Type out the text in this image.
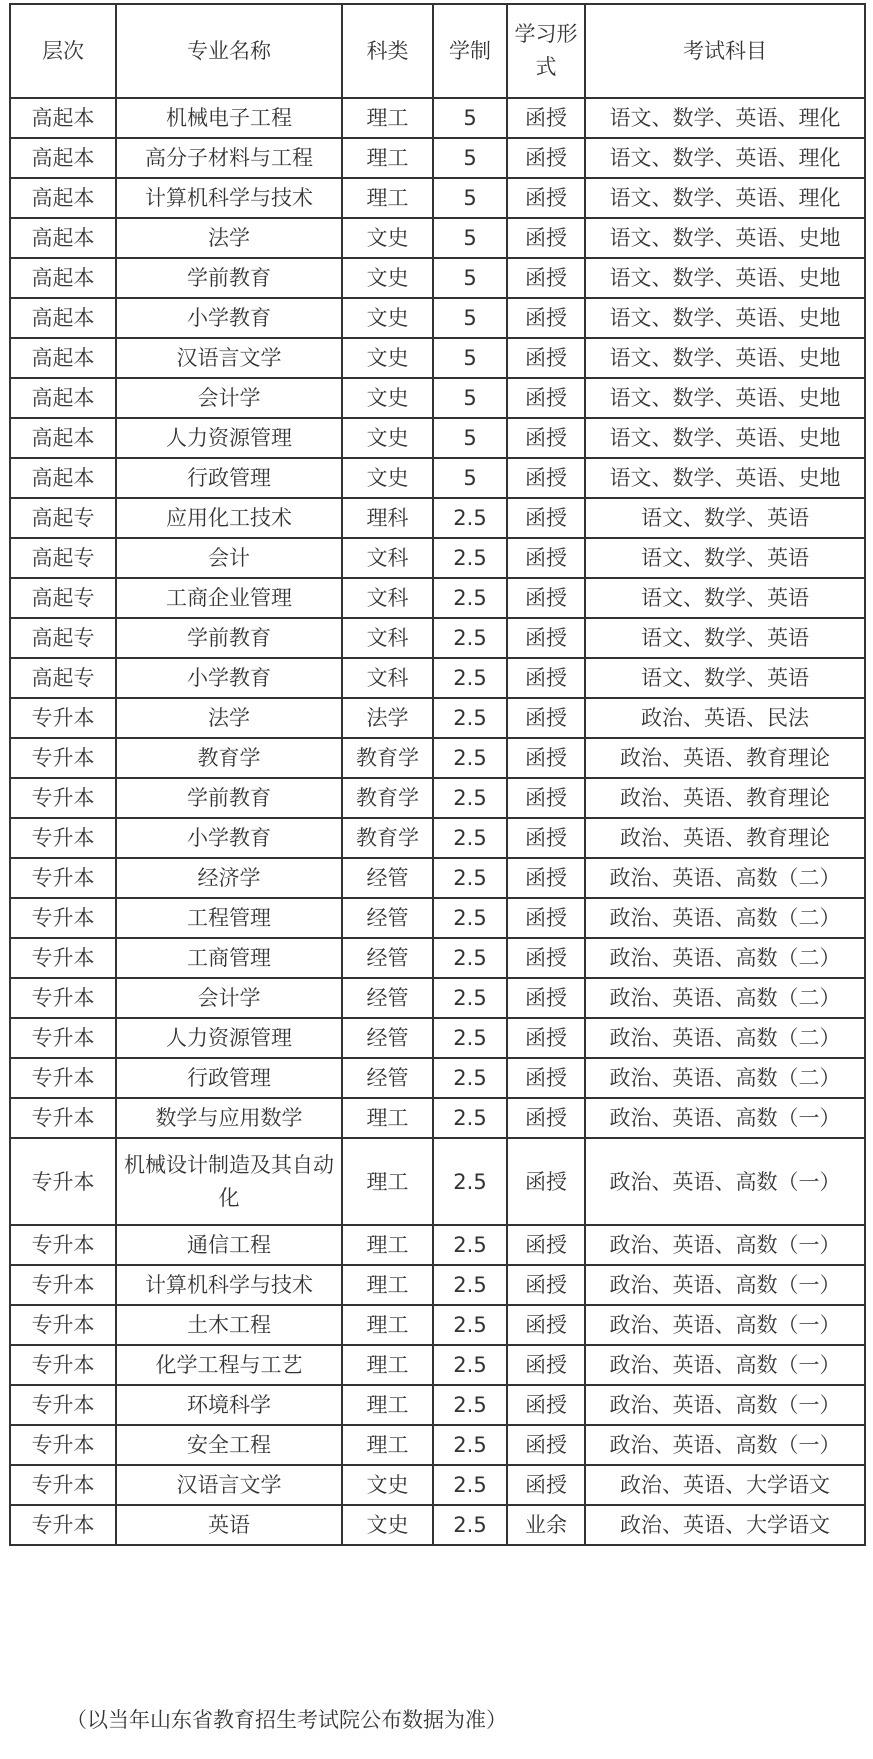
层次	专业名称	科类	学制	学习形式	考试科目
高起本	机械电子工程	理工	5	函授	语文、数学、英语、理化
高起本	高分子材料与工程	理工	5	函授	语文、数学、英语、理化
高起本	计算机科学与技术	理工	5	函授	语文、数学、英语、理化
高起本	法学	文史	5	函授	语文、数学、英语、史地
高起本	学前教育	文史	5	函授	语文、数学、英语、史地
高起本	小学教育	文史	5	函授	语文、数学、英语、史地
高起本	汉语言文学	文史	5	函授	语文、数学、英语、史地
高起本	会计学	文史	5	函授	语文、数学、英语、史地
高起本	人力资源管理	文史	5	函授	语文、数学、英语、史地
高起本	行政管理	文史	5	函授	语文、数学、英语、史地
高起专	应用化工技术	理科	2.5	函授	语文、数学、英语
高起专	会计	文科	2.5	函授	语文、数学、英语
高起专	工商企业管理	文科	2.5	函授	语文、数学、英语
高起专	学前教育	文科	2.5	函授	语文、数学、英语
高起专	小学教育	文科	2.5	函授	语文、数学、英语
专升本	法学	法学	2.5	函授	政治、英语、民法
专升本	教育学	教育学	2.5	函授	政治、英语、教育理论
专升本	学前教育	教育学	2.5	函授	政治、英语、教育理论
专升本	小学教育	教育学	2.5	函授	政治、英语、教育理论
专升本	经济学	经管	2.5	函授	政治、英语、高数（二）
专升本	工程管理	经管	2.5	函授	政治、英语、高数（二）
专升本	工商管理	经管	2.5	函授	政治、英语、高数（二）
专升本	会计学	经管	2.5	函授	政治、英语、高数（二）
专升本	人力资源管理	经管	2.5	函授	政治、英语、高数（二）
专升本	行政管理	经管	2.5	函授	政治、英语、高数（二）
专升本	数学与应用数学	理工	2.5	函授	政治、英语、高数（一）
专升本	机械设计制造及其自动化	理工	2.5	函授	政治、英语、高数（一）
专升本	通信工程	理工	2.5	函授	政治、英语、高数（一）
专升本	计算机科学与技术	理工	2.5	函授	政治、英语、高数（一）
专升本	土木工程	理工	2.5	函授	政治、英语、高数（一）
专升本	化学工程与工艺	理工	2.5	函授	政治、英语、高数（一）
专升本	环境科学	理工	2.5	函授	政治、英语、高数（一）
专升本	安全工程	理工	2.5	函授	政治、英语、高数（一）
专升本	汉语言文学	文史	2.5	函授	政治、英语、大学语文
专升本	英语	文史	2.5	业余	政治、英语、大学语文
（以当年山东省教育招生考试院公布数据为准）
